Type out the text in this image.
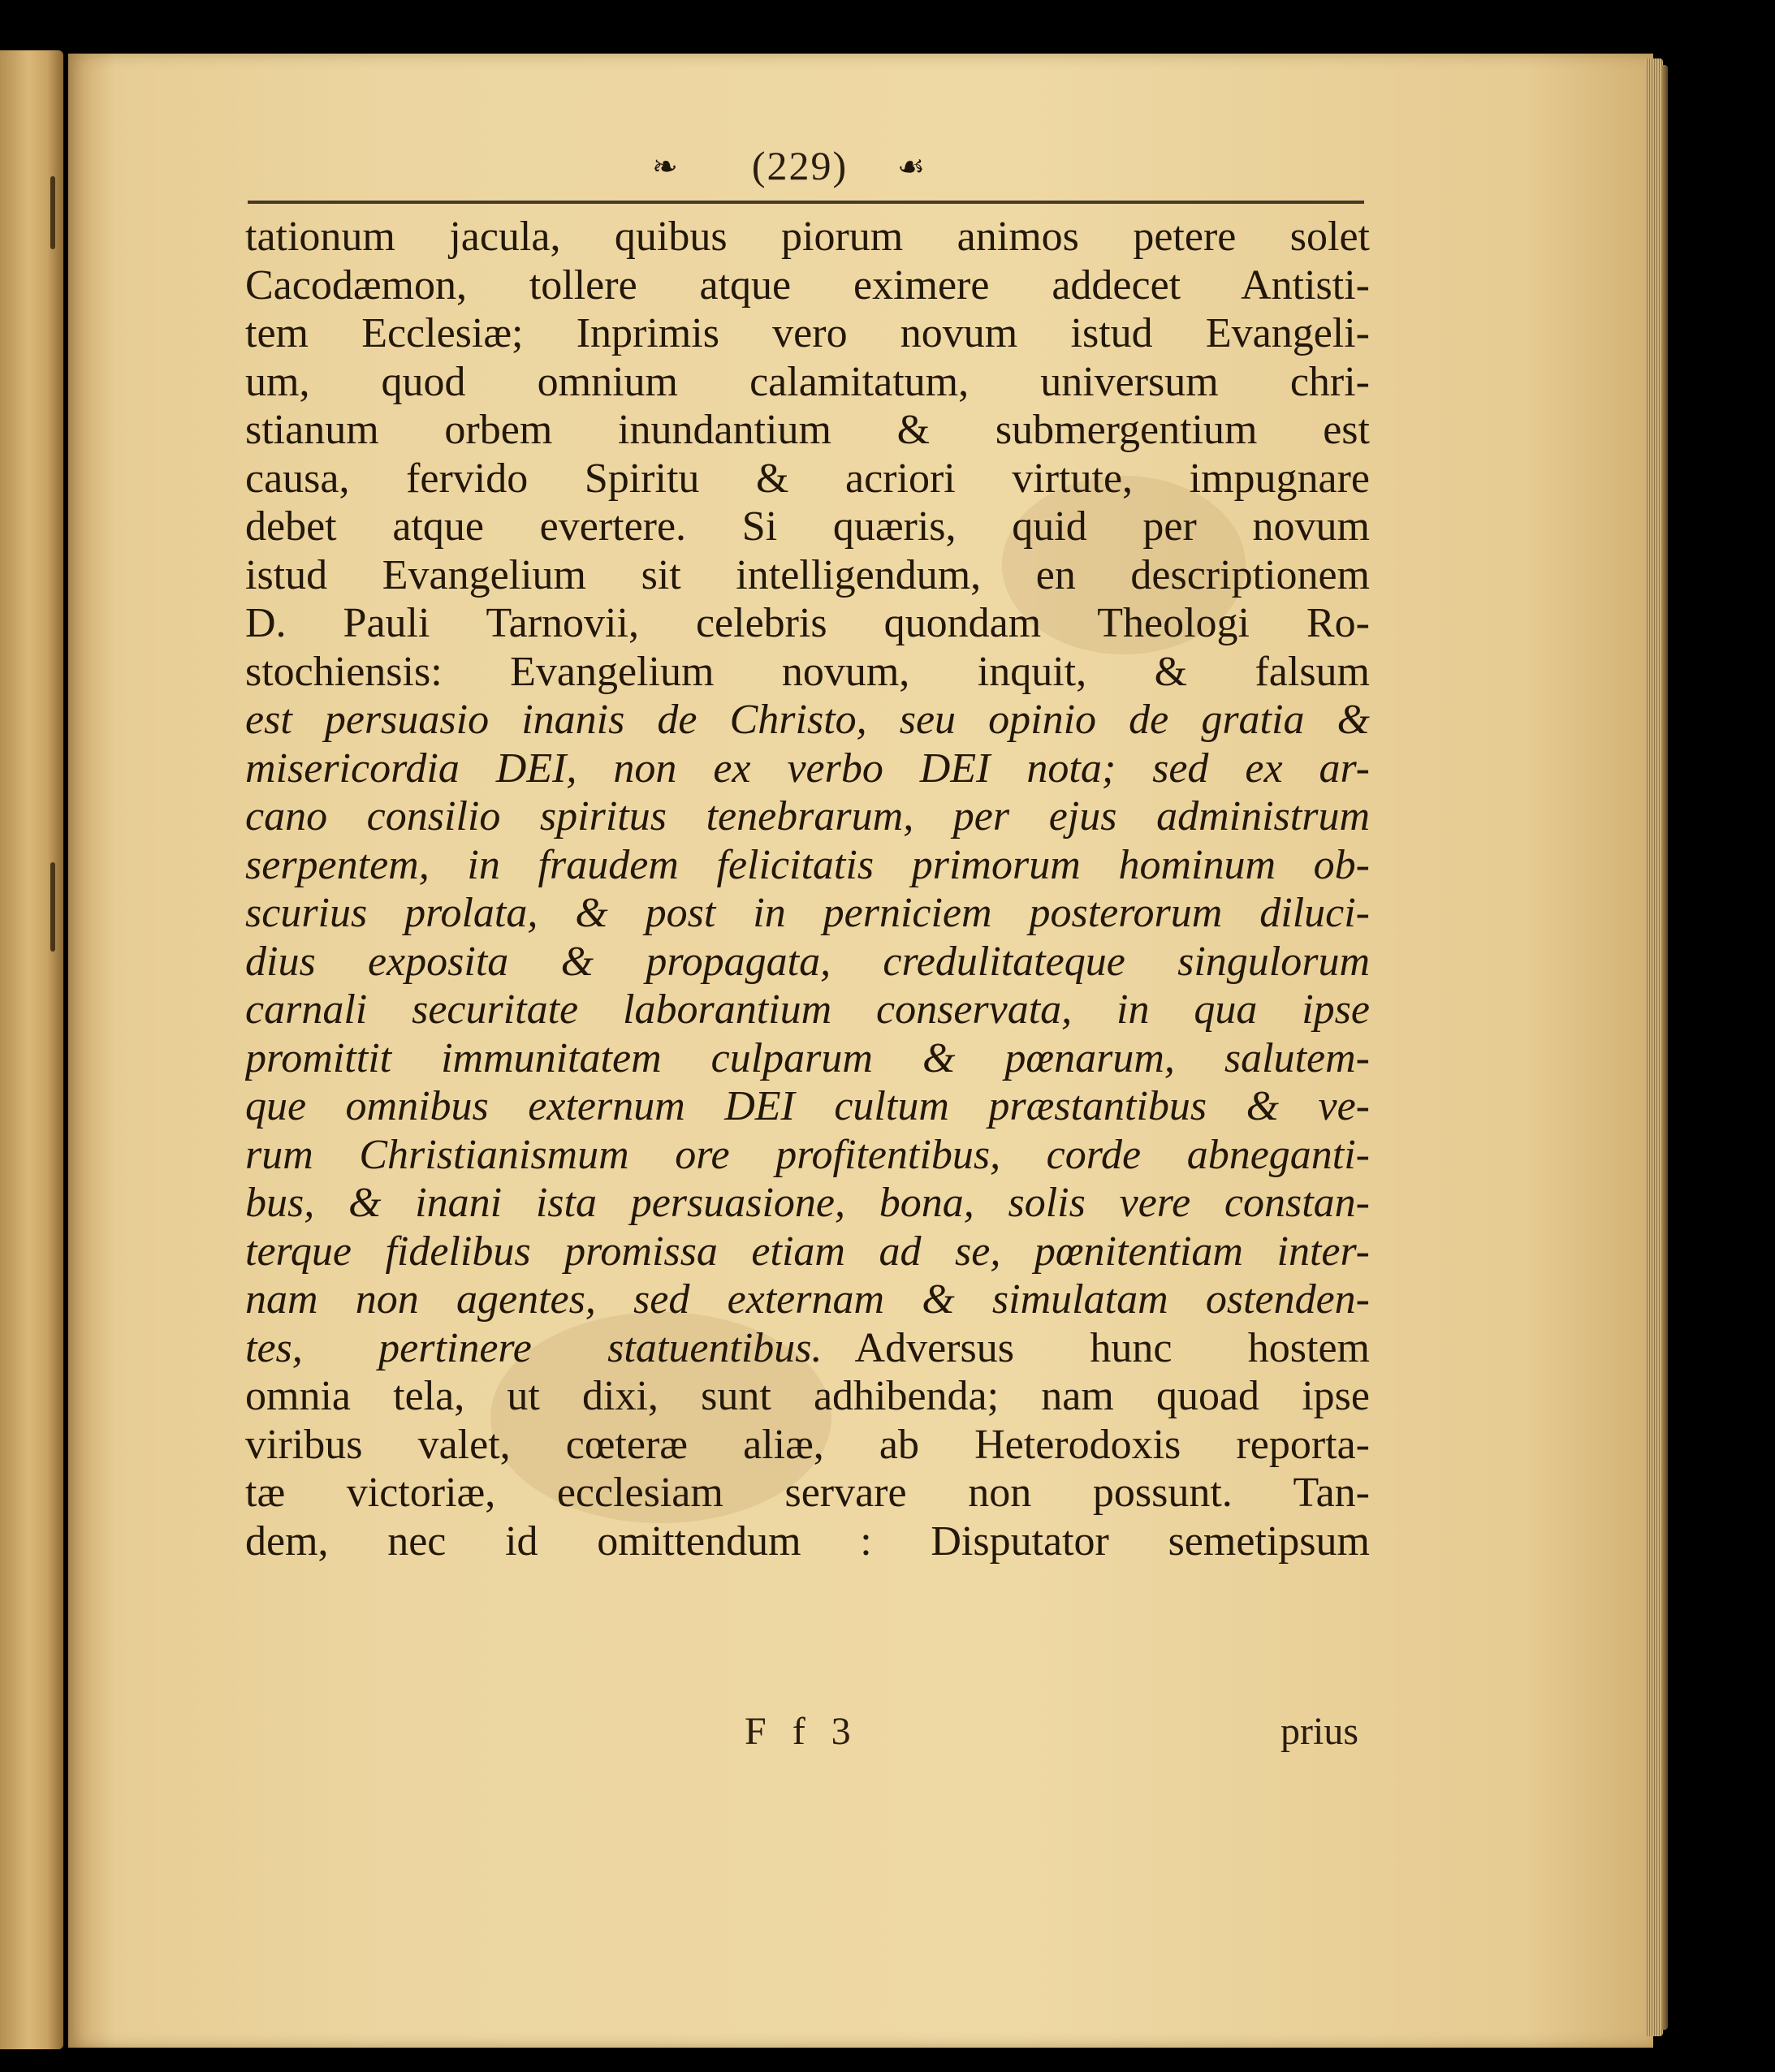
❧	(229)	☙
tationum jacula, quibus piorum animos petere solet
Cacodæmon, tollere atque eximere addecet Antisti-
tem Ecclesiæ; Inprimis vero novum istud Evangeli-
um, quod omnium calamitatum, universum chri-
stianum orbem inundantium & submergentium est
causa, fervido Spiritu & acriori virtute, impugnare
debet atque evertere. Si quæris, quid per novum
istud Evangelium sit intelligendum, en descriptionem
D. Pauli Tarnovii, celebris quondam Theologi Ro-
stochiensis: Evangelium novum, inquit, & falsum
est persuasio inanis de Christo, seu opinio de gratia &
misericordia DEI, non ex verbo DEI nota; sed ex ar-
cano consilio spiritus tenebrarum, per ejus administrum
serpentem, in fraudem felicitatis primorum hominum ob-
scurius prolata, & post in perniciem posterorum diluci-
dius exposita & propagata, credulitateque singulorum
carnali securitate laborantium conservata, in qua ipse
promittit immunitatem culparum & pœnarum, salutem-
que omnibus externum DEI cultum præstantibus & ve-
rum Christianismum ore profitentibus, corde abneganti-
bus, & inani ista persuasione, bona, solis vere constan-
terque fidelibus promissa etiam ad se, pœnitentiam inter-
nam non agentes, sed externam & simulatam ostenden-
tes, pertinere statuentibus. Adversus hunc hostem
omnia tela, ut dixi, sunt adhibenda; nam quoad ipse
viribus valet, cœteræ aliæ, ab Heterodoxis reporta-
tæ victoriæ, ecclesiam servare non possunt. Tan-
dem, nec id omittendum : Disputator semetipsum
F f 3	prius
